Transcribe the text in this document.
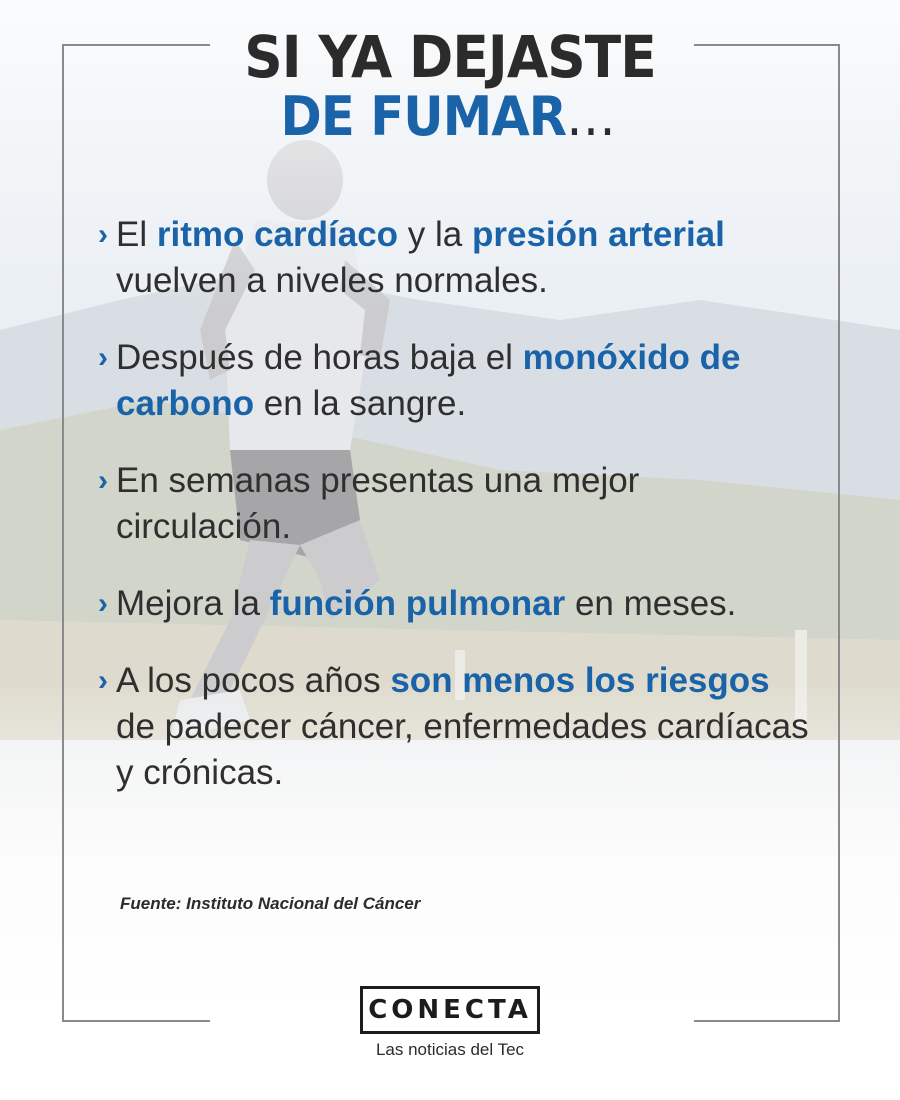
SI YA DEJASTE
DE FUMAR…
› El ritmo cardíaco y la presión arterial vuelven a niveles normales.
› Después de horas baja el monóxido de carbono en la sangre.
› En semanas presentas una mejor circulación.
› Mejora la función pulmonar en meses.
› A los pocos años son menos los riesgos de padecer cáncer, enfermedades cardíacas y crónicas.
Fuente: Instituto Nacional del Cáncer
CONECTA
Las noticias del Tec
